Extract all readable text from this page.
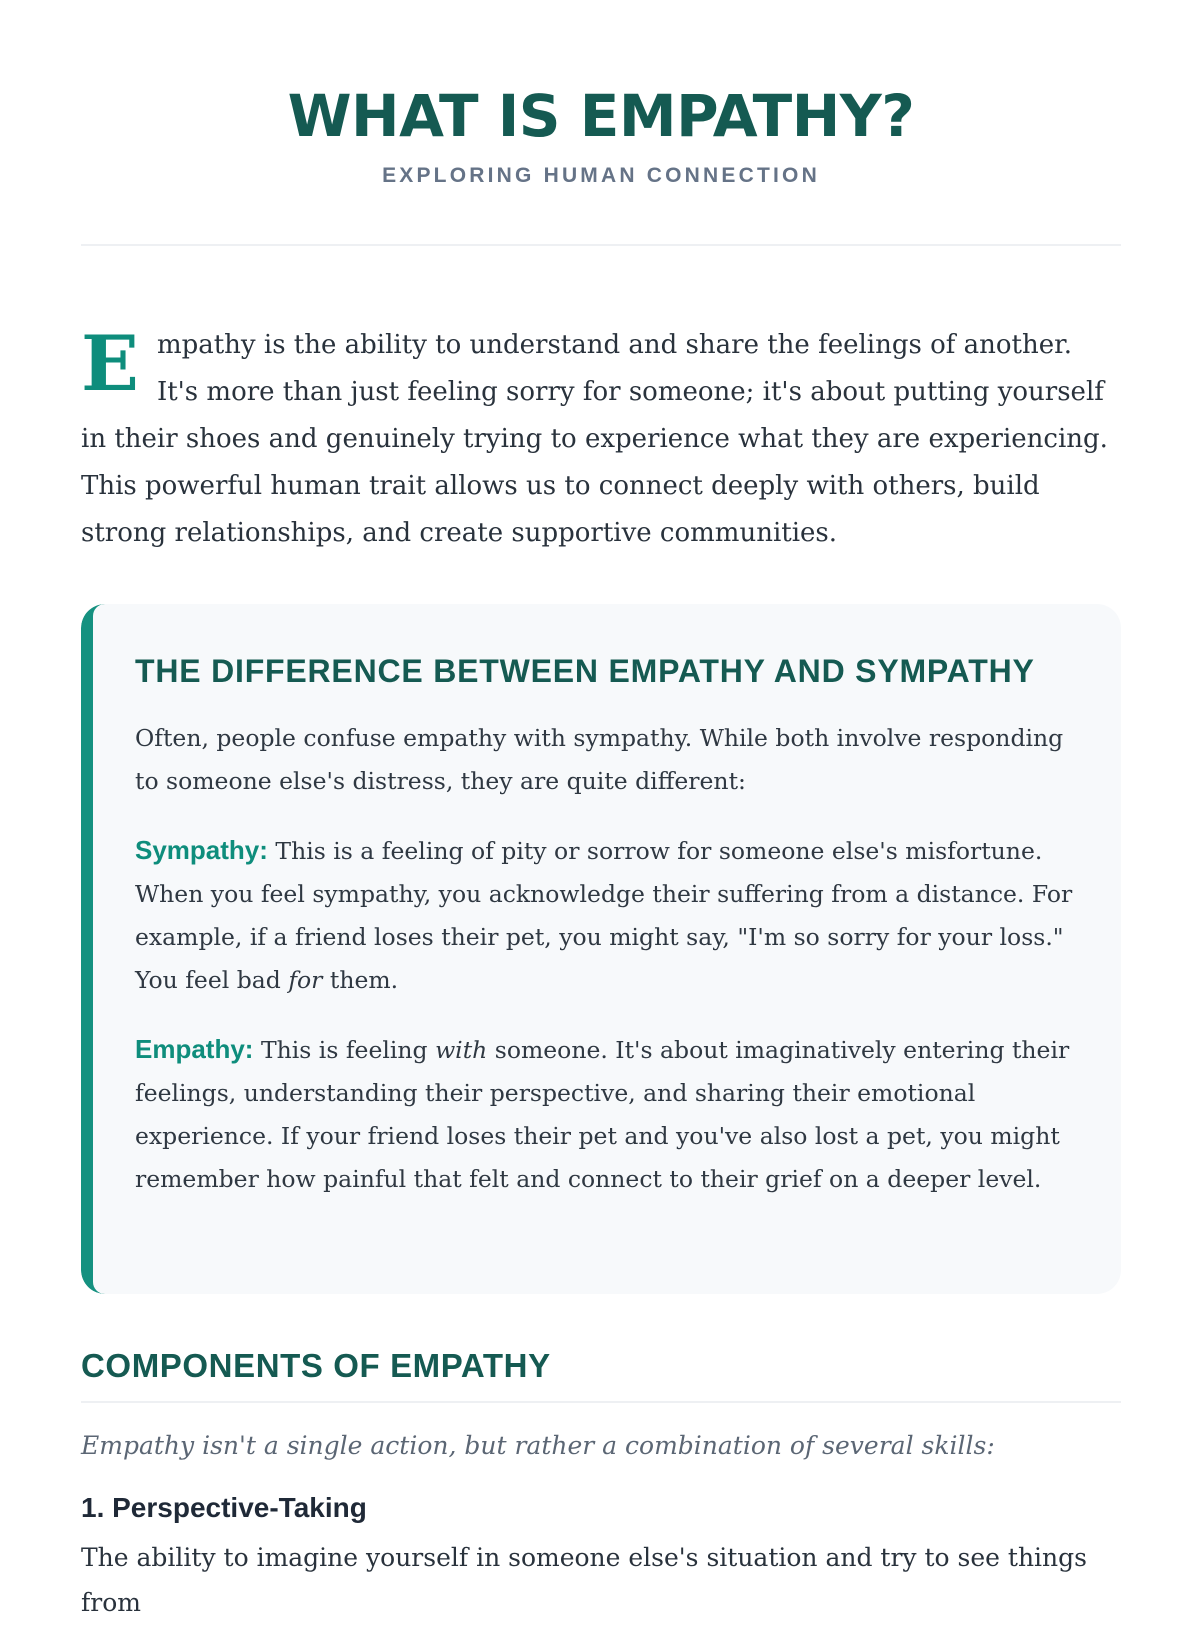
WHAT IS EMPATHY?
EXPLORING HUMAN CONNECTION
Empathy is the ability to understand and share the feelings of another. It's more than just feeling sorry for someone; it's about putting yourself in their shoes and genuinely trying to experience what they are experiencing. This powerful human trait allows us to connect deeply with others, build strong relationships, and create supportive communities.
THE DIFFERENCE BETWEEN EMPATHY AND SYMPATHY

Often, people confuse empathy with sympathy. While both involve responding to someone else's distress, they are quite different:

Sympathy: This is a feeling of pity or sorrow for someone else's misfortune. When you feel sympathy, you acknowledge their suffering from a distance. For example, if a friend loses their pet, you might say, "I'm so sorry for your loss." You feel bad for them.

Empathy: This is feeling with someone. It's about imaginatively entering their feelings, understanding their perspective, and sharing their emotional experience. If your friend loses their pet and you've also lost a pet, you might remember how painful that felt and connect to their grief on a deeper level.

COMPONENTS OF EMPATHY

Empathy isn't a single action, but rather a combination of several skills:

1. Perspective-Taking

The ability to imagine yourself in someone else's situation and try to see things from
